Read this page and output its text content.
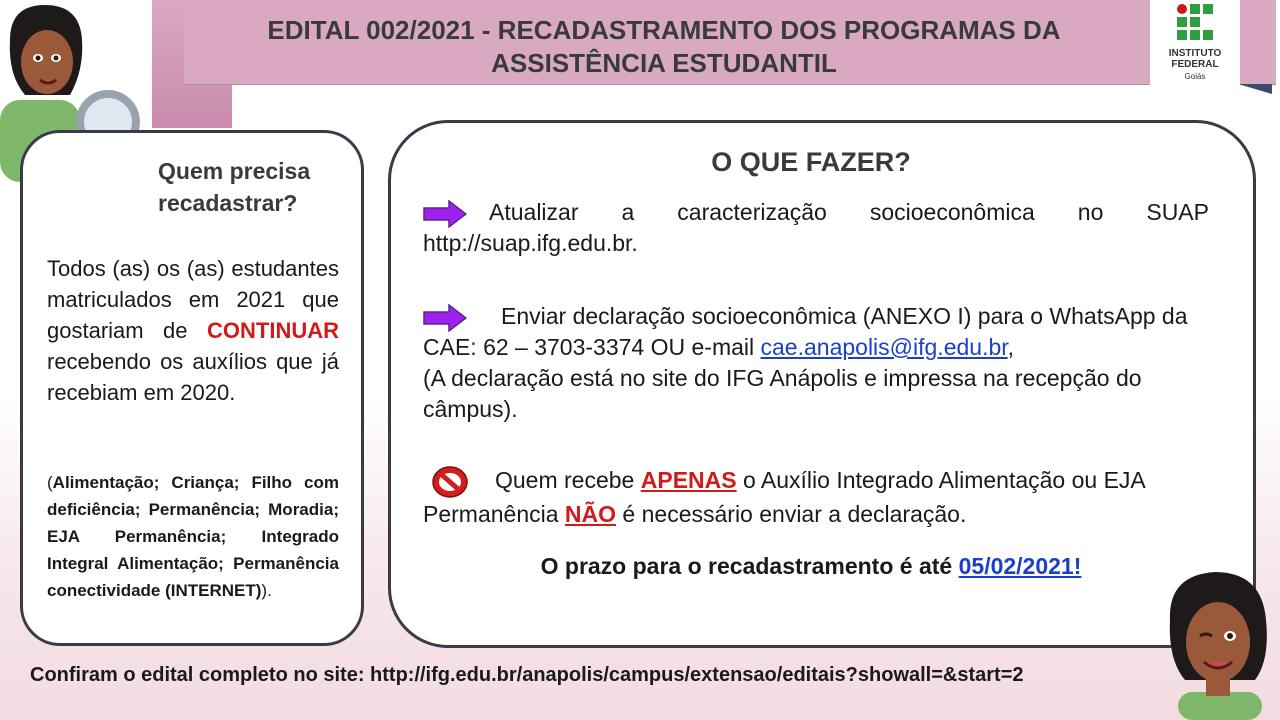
EDITAL 002/2021 - RECADASTRAMENTO DOS PROGRAMAS DA
ASSISTÊNCIA ESTUDANTIL	INSTITUTO
FEDERAL
Goiás
Quem precisa
recadastrar?
Todos (as) os (as) estudantes matriculados em 2021 que gostariam de CONTINUAR recebendo os auxílios que já recebiam em 2020.
(Alimentação; Criança; Filho com deficiência; Permanência; Moradia; EJA Permanência; Integrado Integral Alimentação; Permanência conectividade (INTERNET)).
O QUE FAZER?
Atualizar a caracterização socioeconômica no SUAP
http://suap.ifg.edu.br.
Enviar declaração socioeconômica (ANEXO I) para o WhatsApp da CAE: 62 – 3703-3374 OU e-mail cae.anapolis@ifg.edu.br,
(A declaração está no site do IFG Anápolis e impressa na recepção do câmpus).
Quem recebe APENAS o Auxílio Integrado Alimentação ou EJA Permanência NÃO é necessário enviar a declaração.
O prazo para o recadastramento é até 05/02/2021!
Confiram o edital completo no site: http://ifg.edu.br/anapolis/campus/extensao/editais?showall=&start=2
